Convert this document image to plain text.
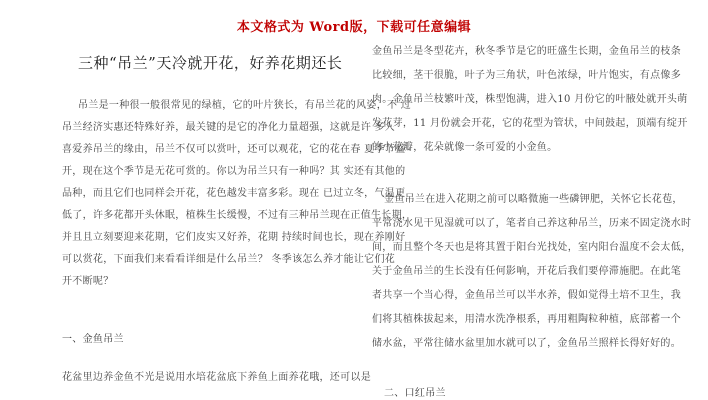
本文格式为 Word版，下载可任意编辑
三种“吊兰”天冷就开花，好养花期还长
吊兰是一种很一般很常见的绿植，它的叶片狭长，有吊兰花的风姿，不 过
吊兰经济实惠还特殊好养，最关键的是它的净化力量超强，这就是许 多人
喜爱养吊兰的缘由，吊兰不仅可以赏叶，还可以观花，它的花在春 夏季节盛
开，现在这个季节是无花可赏的。你以为吊兰只有一种吗？其 实还有其他的
品种，而且它们也同样会开花，花色越发丰富多彩。现在 已过立冬，气温更
低了，许多花都开头休眠，植株生长缓慢，不过有三种吊兰现在正值生长期，
并且且立刻要迎来花期，它们皮实又好养，花期 持续时间也长，现在养刚好
可以赏花，下面我们来看看详细是什么吊兰？ 冬季该怎么养才能让它们花
开不断呢？
一、金鱼吊兰
花盆里边养金鱼不光是说用水培花盆底下养鱼上面养花哦，还可以是
金鱼吊兰是冬型花卉，秋冬季节是它的旺盛生长期，金鱼吊兰的枝条
比较细，茎干很脆，叶子为三角状，叶色浓绿，叶片饱实，有点像多
肉。金鱼吊兰枝繁叶茂，株型饱满，进入10 月份它的叶腋处就开头萌
发花芽，11 月份就会开花，它的花型为管状，中间鼓起，顶端有绽开
的小花瓣，花朵就像一条可爱的小金鱼。
金鱼吊兰在进入花期之前可以略微施一些磷钾肥，关怀它长花苞，
平常浇水见干见湿就可以了，笔者自己养这种吊兰，历来不固定浇水时
间，而且整个冬天也是将其置于阳台光找处，室内阳台温度不会太低，
关于金鱼吊兰的生长没有任何影响，开花后我们要停滞施肥。在此笔
者共享一个当心得，金鱼吊兰可以半水养，假如觉得土培不卫生，我
们将其植株拔起来，用清水洗净根系，再用粗陶粒种植，底部蓄一个
储水盆，平常往储水盆里加水就可以了，金鱼吊兰照样长得好好的。
二、口红吊兰
